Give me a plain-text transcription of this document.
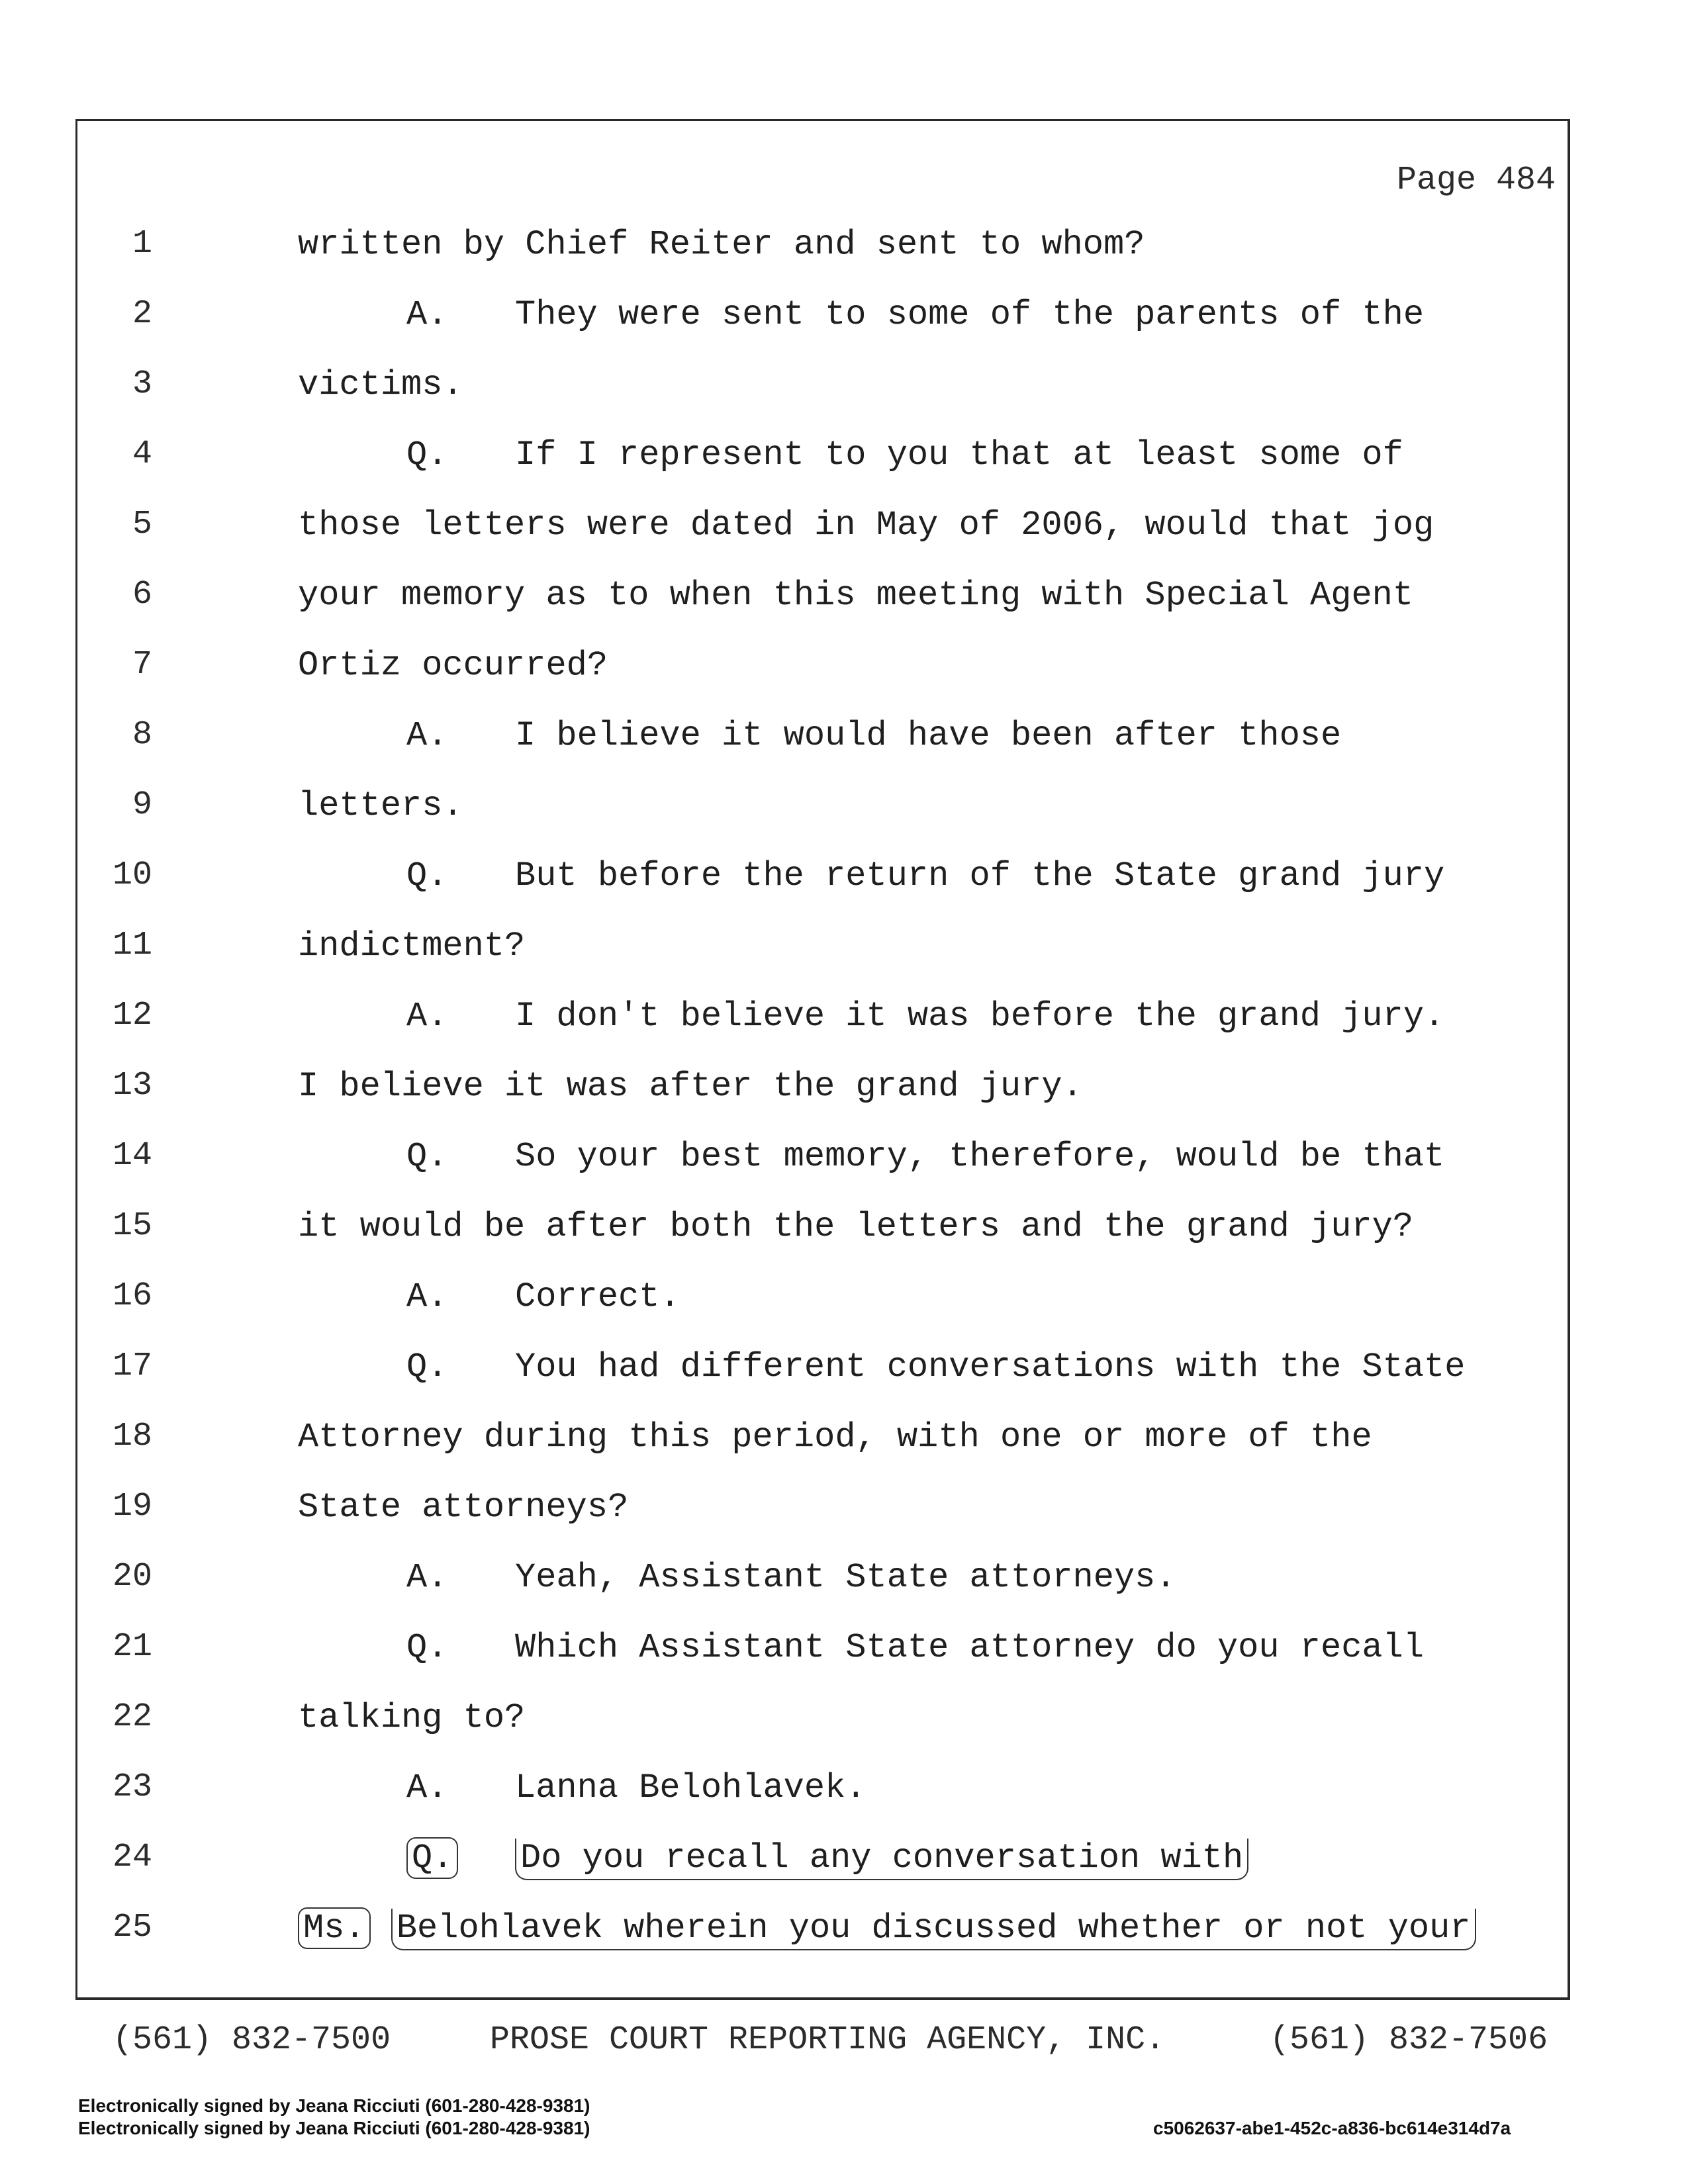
Page 484
1	written by Chief Reiter and sent to whom?
2	A. They were sent to some of the parents of the
3	victims.
4	Q. If I represent to you that at least some of
5	those letters were dated in May of 2006, would that jog
6	your memory as to when this meeting with Special Agent
7	Ortiz occurred?
8	A. I believe it would have been after those
9	letters.
10	Q. But before the return of the State grand jury
11	indictment?
12	A. I don't believe it was before the grand jury.
13	I believe it was after the grand jury.
14	Q. So your best memory, therefore, would be that
15	it would be after both the letters and the grand jury?
16	A. Correct.
17	Q. You had different conversations with the State
18	Attorney during this period, with one or more of the
19	State attorneys?
20	A. Yeah, Assistant State attorneys.
21	Q. Which Assistant State attorney do you recall
22	talking to?
23	A. Lanna Belohlavek.
24	Q. Do you recall any conversation with
25	Ms. Belohlavek wherein you discussed whether or not your
(561) 832-7500	PROSE COURT REPORTING AGENCY, INC.	(561) 832-7506
Electronically signed by Jeana Ricciuti (601-280-428-9381)
Electronically signed by Jeana Ricciuti (601-280-428-9381)	c5062637-abe1-452c-a836-bc614e314d7a
